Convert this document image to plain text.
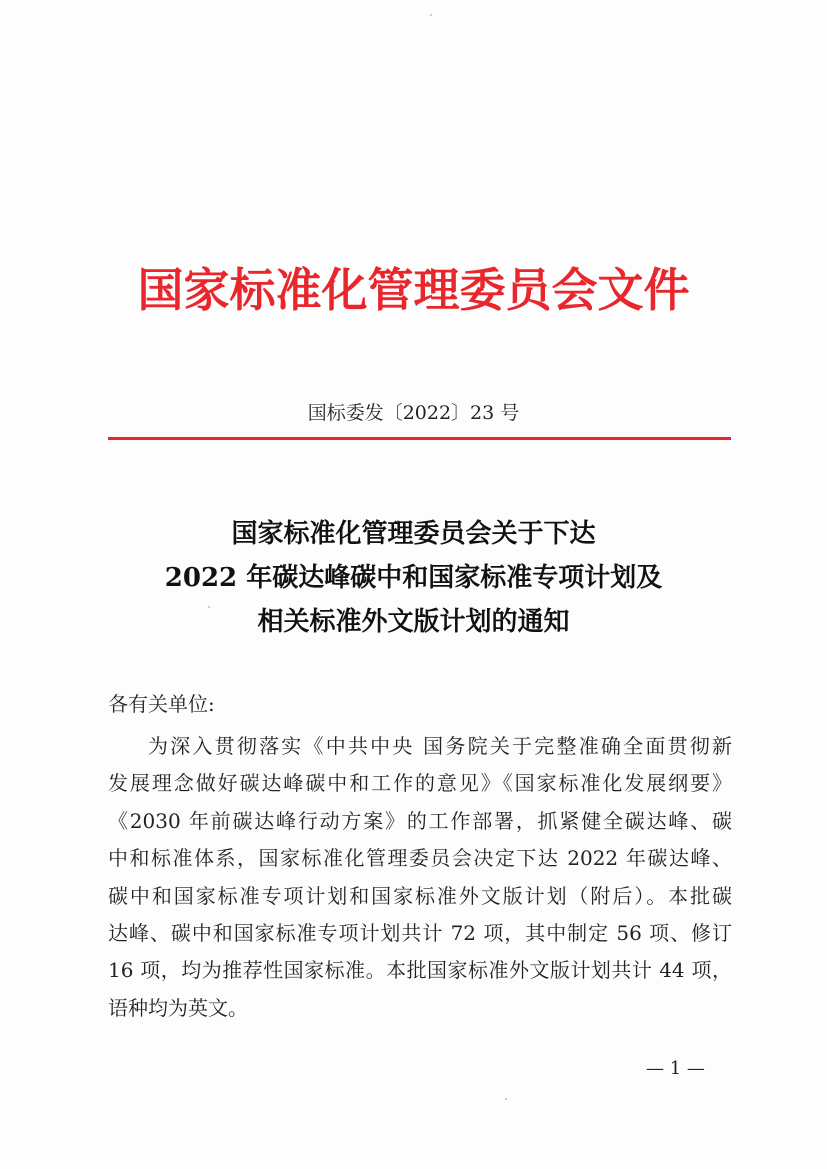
国家标准化管理委员会文件
国标委发〔2022〕23 号
国家标准化管理委员会关于下达
2022 年碳达峰碳中和国家标准专项计划及
相关标准外文版计划的通知
各有关单位:
为深入贯彻落实《中共中央 国务院关于完整准确全面贯彻新
发展理念做好碳达峰碳中和工作的意见》《国家标准化发展纲要》
《2030 年前碳达峰行动方案》的工作部署，抓紧健全碳达峰、碳
中和标准体系，国家标准化管理委员会决定下达 2022 年碳达峰、
碳中和国家标准专项计划和国家标准外文版计划（附后）。本批碳
达峰、碳中和国家标准专项计划共计 72 项，其中制定 56 项、修订
16 项，均为推荐性国家标准。本批国家标准外文版计划共计 44 项，
语种均为英文。
— 1 —
